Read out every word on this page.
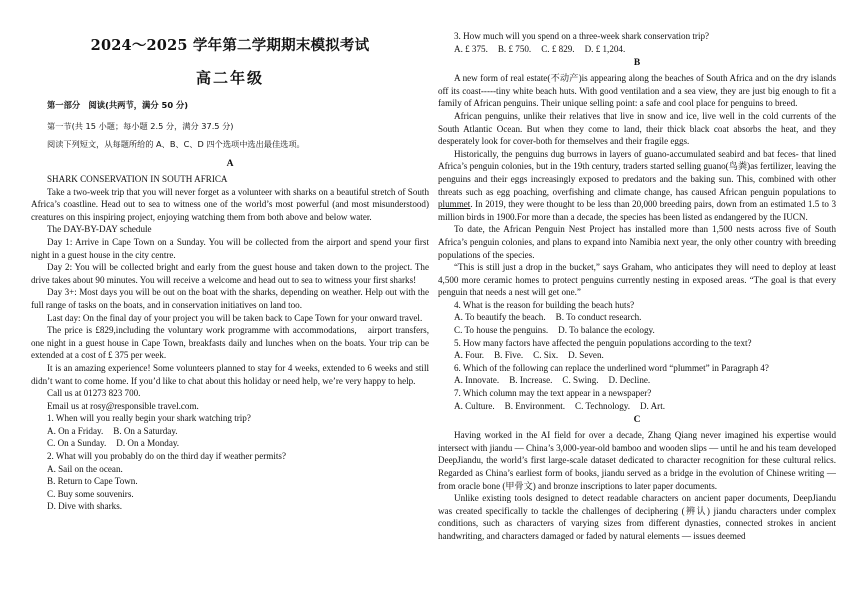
2024～2025 学年第二学期期末模拟考试
高二年级
第一部分　阅读(共两节，满分 50 分)
第一节(共 15 小题；每小题 2.5 分，满分 37.5 分)
阅读下列短文，从每题所给的 A、B、C、D 四个选项中选出最佳选项。
A

SHARK CONSERVATION IN SOUTH AFRICA

Take a two-week trip that you will never forget as a volunteer with sharks on a beautiful stretch of South Africa’s coastline. Head out to sea to witness one of the world’s most powerful (and most misunderstood) creatures on this inspiring project, enjoying watching them from both above and below water.

The DAY-BY-DAY schedule

Day 1: Arrive in Cape Town on a Sunday. You will be collected from the airport and spend your first night in a guest house in the city centre.

Day 2: You will be collected bright and early from the guest house and taken down to the project. The drive takes about 90 minutes. You will receive a welcome and head out to sea to witness your first sharks!

Day 3+: Most days you will be out on the boat with the sharks, depending on weather. Help out with the full range of tasks on the boats, and in conservation initiatives on land too.

Last day: On the final day of your project you will be taken back to Cape Town for your onward travel.

The price is £829,including the voluntary work programme with accommodations,　airport transfers, one night in a guest house in Cape Town, breakfasts daily and lunches when on the boats. Your trip can be extended at a cost of £ 375 per week.

It is an amazing experience! Some volunteers planned to stay for 4 weeks, extended to 6 weeks and still didn’t want to come home. If you’d like to chat about this holiday or need help, we’re very happy to help.

Call us at 01273 823 700.

Email us at rosy@responsible travel.com.

1. When will you really begin your shark watching trip?

A. On a Friday. B. On a Saturday.

C. On a Sunday. D. On a Monday.

2. What will you probably do on the third day if weather permits?

A. Sail on the ocean.

B. Return to Cape Town.

C. Buy some souvenirs.

D. Dive with sharks.

3. How much will you spend on a three-week shark conservation trip?

A. £ 375. B. £ 750. C. £ 829. D. £ 1,204.

B

A new form of real estate(不动产)is appearing along the beaches of South Africa and on the dry islands off its coast-----tiny white beach huts. With good ventilation and a sea view, they are just big enough to fit a family of African penguins. Their unique selling point: a safe and cool place for penguins to breed.

African penguins, unlike their relatives that live in snow and ice, live well in the cold currents of the South Atlantic Ocean. But when they come to land, their thick black coat absorbs the heat, and they desperately look for cover-both for themselves and their fragile eggs.

Historically, the penguins dug burrows in layers of guano-accumulated seabird and bat feces- that lined Africa’s penguin colonies, but in the 19th century, traders started selling guano(鸟粪)as fertilizer, leaving the penguins and their eggs increasingly exposed to predators and the baking sun. This, combined with other threats such as egg poaching, overfishing and climate change, has caused African penguin populations to plummet. In 2019, they were thought to be less than 20,000 breeding pairs, down from an estimated 1.5 to 3 million birds in 1900.For more than a decade, the species has been listed as endangered by the IUCN.

To date, the African Penguin Nest Project has installed more than 1,500 nests across five of South Africa’s penguin colonies, and plans to expand into Namibia next year, the only other country with breeding populations of the species.

“This is still just a drop in the bucket,” says Graham, who anticipates they will need to deploy at least 4,500 more ceramic homes to protect penguins currently nesting in exposed areas. “The goal is that every penguin that needs a nest will get one.”

4. What is the reason for building the beach huts?

A. To beautify the beach. B. To conduct research.

C. To house the penguins. D. To balance the ecology.

5. How many factors have affected the penguin populations according to the text?

A. Four. B. Five. C. Six. D. Seven.

6. Which of the following can replace the underlined word “plummet” in Paragraph 4?

A. Innovate. B. Increase. C. Swing. D. Decline.

7. Which column may the text appear in a newspaper?

A. Culture. B. Environment. C. Technology. D. Art.

C

Having worked in the AI field for over a decade, Zhang Qiang never imagined his expertise would intersect with jiandu — China’s 3,000-year-old bamboo and wooden slips — until he and his team developed DeepJiandu, the world’s first large-scale dataset dedicated to character recognition for these cultural relics. Regarded as China’s earliest form of books, jiandu served as a bridge in the evolution of Chinese writing — from oracle bone (甲骨文) and bronze inscriptions to later paper documents.

Unlike existing tools designed to detect readable characters on ancient paper documents, DeepJiandu was created specifically to tackle the challenges of deciphering (辨认) jiandu characters under complex conditions, such as characters of varying sizes from different dynasties, connected strokes in ancient handwriting, and characters damaged or faded by natural elements — issues deemed
